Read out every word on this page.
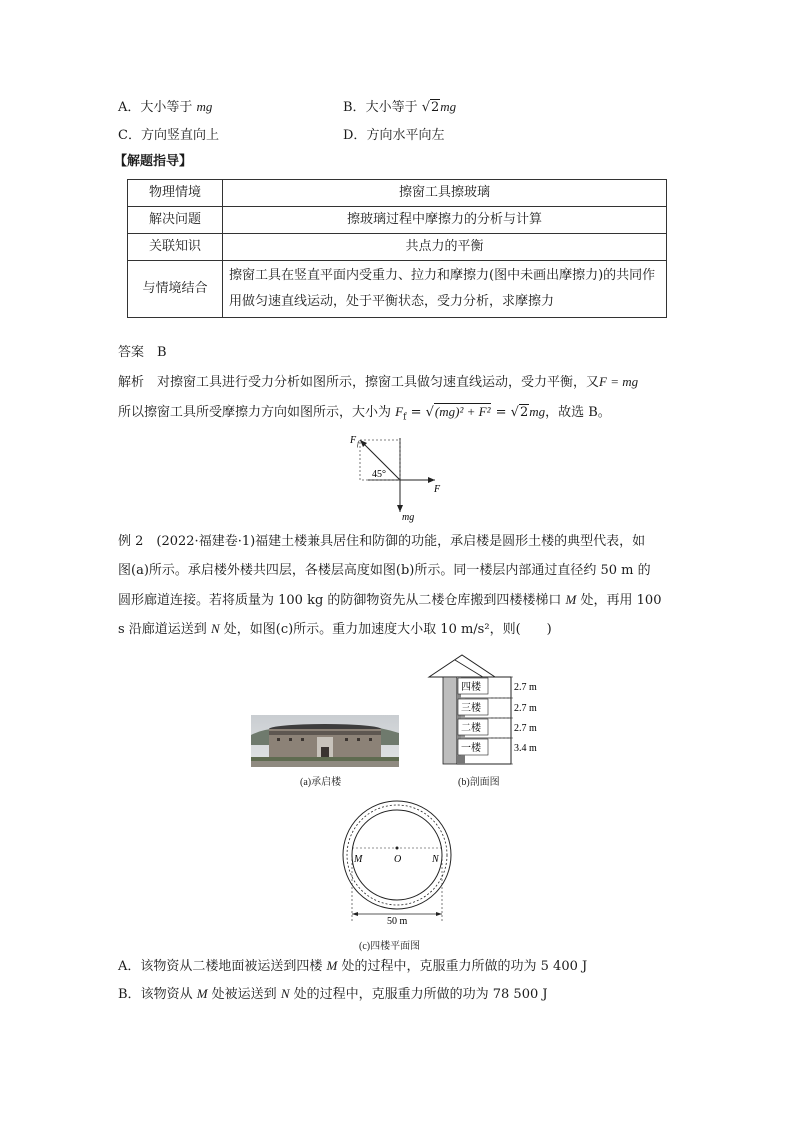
A．大小等于 mg	B．大小等于 √2mg
C．方向竖直向上	D．方向水平向左
【解题指导】
物理情境	擦窗工具擦玻璃
解决问题	擦玻璃过程中摩擦力的分析与计算
关联知识	共点力的平衡
与情境结合	擦窗工具在竖直平面内受重力、拉力和摩擦力(图中未画出摩擦力)的共同作用做匀速直线运动，处于平衡状态，受力分析，求摩擦力
答案　 B
解析　 对擦窗工具进行受力分析如图所示，擦窗工具做匀速直线运动，受力平衡，又F = mg
所以擦窗工具所受摩擦力方向如图所示，大小为 $F_f = √(mg)^2 + F^2 = √2mg$，故选 B。
F f
45°
F
mg
例 2　(2022·福建卷·1)福建土楼兼具居住和防御的功能，承启楼是圆形土楼的典型代表，如
图(a)所示。承启楼外楼共四层，各楼层高度如图(b)所示。同一楼层内部通过直径约 50 m 的
圆形廊道连接。若将质量为 100 kg 的防御物资先从二楼仓库搬到四楼楼梯口 M 处，再用 100
s 沿廊道运送到 N 处，如图(c)所示。重力加速度大小取 10 m/s²，则(　　)
(a)承启楼
四楼
三楼
二楼
一楼
2.7 m
2.7 m
2.7 m
3.4 m
(b)剖面图
M	O	N
50 m
(c)四楼平面图
A．该物资从二楼地面被运送到四楼 M 处的过程中，克服重力所做的功为 5 400 J
B．该物资从 M 处被运送到 N 处的过程中，克服重力所做的功为 78 500 J
